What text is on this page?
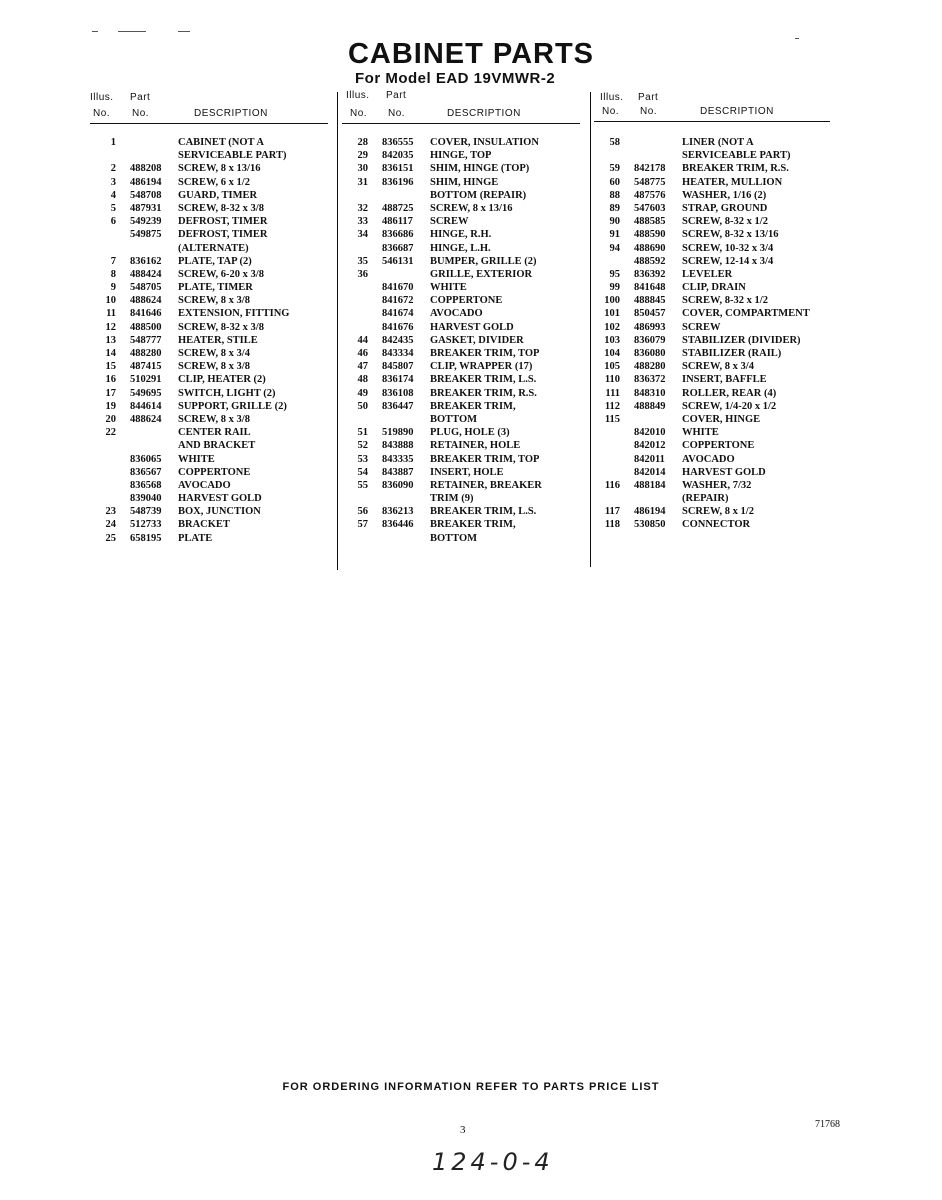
CABINET PARTS
For Model EAD 19VMWR-2
Illus.
No.
Part
No.	DESCRIPTION
1	CABINET (NOT A
SERVICEABLE PART)
2 488208 SCREW, 8 x 13/16
3 486194 SCREW, 6 x 1/2
4 548708 GUARD, TIMER
5 487931 SCREW, 8-32 x 3/8
6 549239 DEFROST, TIMER
549875 DEFROST, TIMER
(ALTERNATE)
7 836162 PLATE, TAP (2)
8 488424 SCREW, 6-20 x 3/8
9 548705 PLATE, TIMER
10 488624 SCREW, 8 x 3/8
11 841646 EXTENSION, FITTING
12 488500 SCREW, 8-32 x 3/8
13 548777 HEATER, STILE
14 488280 SCREW, 8 x 3/4
15 487415 SCREW, 8 x 3/8
16 510291 CLIP, HEATER (2)
17 549695 SWITCH, LIGHT (2)
19 844614 SUPPORT, GRILLE (2)
20 488624 SCREW, 8 x 3/8
22	CENTER RAIL
AND BRACKET
836065 WHITE
836567 COPPERTONE
836568 AVOCADO
839040 HARVEST GOLD
23 548739 BOX, JUNCTION
24 512733 BRACKET
25 658195 PLATE
Illus.
No.
Part
No.	DESCRIPTION
28 836555 COVER, INSULATION
29 842035 HINGE, TOP
30 836151 SHIM, HINGE (TOP)
31 836196 SHIM, HINGE
BOTTOM (REPAIR)
32 488725 SCREW, 8 x 13/16
33 486117 SCREW
34 836686 HINGE, R.H.
836687 HINGE, L.H.
35 546131 BUMPER, GRILLE (2)
36	GRILLE, EXTERIOR
841670 WHITE
841672 COPPERTONE
841674 AVOCADO
841676 HARVEST GOLD
44 842435 GASKET, DIVIDER
46 843334 BREAKER TRIM, TOP
47 845807 CLIP, WRAPPER (17)
48 836174 BREAKER TRIM, L.S.
49 836108 BREAKER TRIM, R.S.
50 836447 BREAKER TRIM,
BOTTOM
51 519890 PLUG, HOLE (3)
52 843888 RETAINER, HOLE
53 843335 BREAKER TRIM, TOP
54 843887 INSERT, HOLE
55 836090 RETAINER, BREAKER
TRIM (9)
56 836213 BREAKER TRIM, L.S.
57 836446 BREAKER TRIM,
BOTTOM
Illus.
No.
Part
No.	DESCRIPTION
58	LINER (NOT A
SERVICEABLE PART)
59 842178 BREAKER TRIM, R.S.
60 548775 HEATER, MULLION
88 487576 WASHER, 1/16 (2)
89 547603 STRAP, GROUND
90 488585 SCREW, 8-32 x 1/2
91 488590 SCREW, 8-32 x 13/16
94 488690 SCREW, 10-32 x 3/4
488592 SCREW, 12-14 x 3/4
95 836392 LEVELER
99 841648 CLIP, DRAIN
100 488845 SCREW, 8-32 x 1/2
101 850457 COVER, COMPARTMENT
102 486993 SCREW
103 836079 STABILIZER (DIVIDER)
104 836080 STABILIZER (RAIL)
105 488280 SCREW, 8 x 3/4
110 836372 INSERT, BAFFLE
111 848310 ROLLER, REAR (4)
112 488849 SCREW, 1/4-20 x 1/2
115	COVER, HINGE
842010 WHITE
842012 COPPERTONE
842011 AVOCADO
842014 HARVEST GOLD
116 488184 WASHER, 7/32
(REPAIR)
117 486194 SCREW, 8 x 1/2
118 530850 CONNECTOR
FOR ORDERING INFORMATION REFER TO PARTS PRICE LIST
3	71768
124-0-4
